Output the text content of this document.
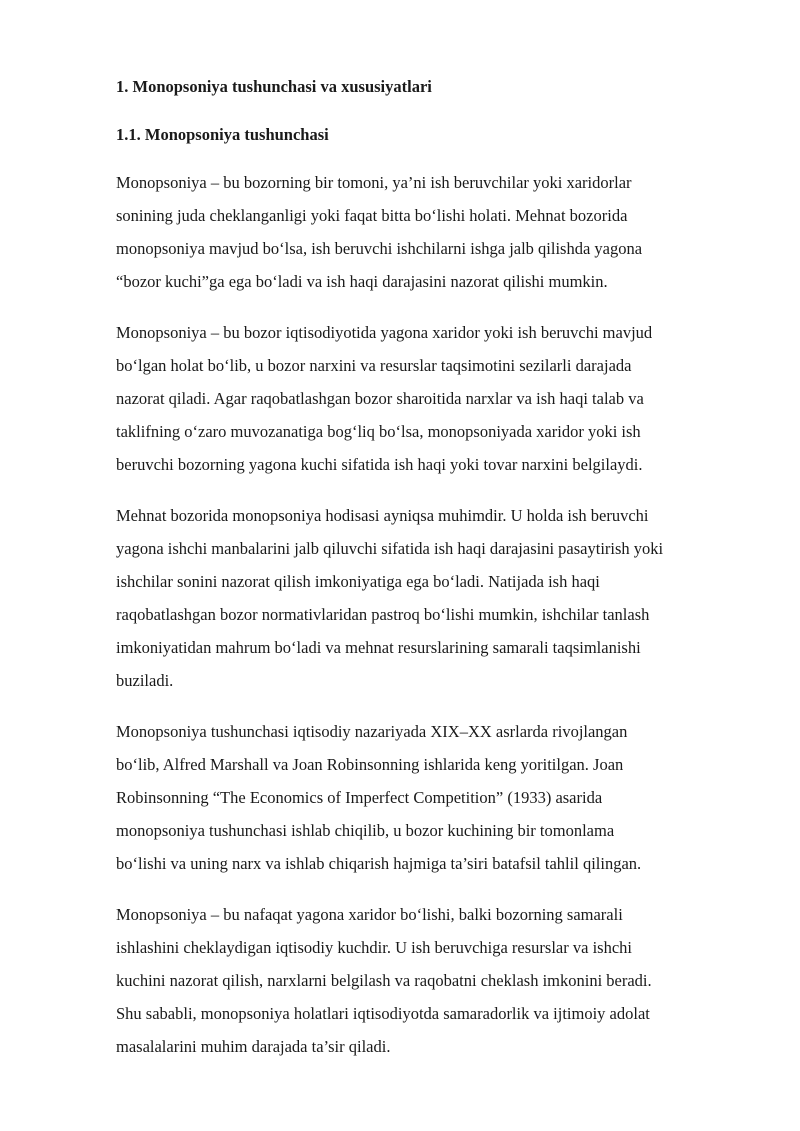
1. Monopsoniya tushunchasi va xususiyatlari
1.1. Monopsoniya tushunchasi

Monopsoniya – bu bozorning bir tomoni, ya’ni ish beruvchilar yoki xaridorlar
sonining juda cheklanganligi yoki faqat bitta bo‘lishi holati. Mehnat bozorida
monopsoniya mavjud bo‘lsa, ish beruvchi ishchilarni ishga jalb qilishda yagona
“bozor kuchi”ga ega bo‘ladi va ish haqi darajasini nazorat qilishi mumkin.

Monopsoniya – bu bozor iqtisodiyotida yagona xaridor yoki ish beruvchi mavjud
bo‘lgan holat bo‘lib, u bozor narxini va resurslar taqsimotini sezilarli darajada
nazorat qiladi. Agar raqobatlashgan bozor sharoitida narxlar va ish haqi talab va
taklifning o‘zaro muvozanatiga bog‘liq bo‘lsa, monopsoniyada xaridor yoki ish
beruvchi bozorning yagona kuchi sifatida ish haqi yoki tovar narxini belgilaydi.

Mehnat bozorida monopsoniya hodisasi ayniqsa muhimdir. U holda ish beruvchi
yagona ishchi manbalarini jalb qiluvchi sifatida ish haqi darajasini pasaytirish yoki
ishchilar sonini nazorat qilish imkoniyatiga ega bo‘ladi. Natijada ish haqi
raqobatlashgan bozor normativlaridan pastroq bo‘lishi mumkin, ishchilar tanlash
imkoniyatidan mahrum bo‘ladi va mehnat resurslarining samarali taqsimlanishi
buziladi.

Monopsoniya tushunchasi iqtisodiy nazariyada XIX–XX asrlarda rivojlangan
bo‘lib, Alfred Marshall va Joan Robinsonning ishlarida keng yoritilgan. Joan
Robinsonning “The Economics of Imperfect Competition” (1933) asarida
monopsoniya tushunchasi ishlab chiqilib, u bozor kuchining bir tomonlama
bo‘lishi va uning narx va ishlab chiqarish hajmiga ta’siri batafsil tahlil qilingan.

Monopsoniya – bu nafaqat yagona xaridor bo‘lishi, balki bozorning samarali
ishlashini cheklaydigan iqtisodiy kuchdir. U ish beruvchiga resurslar va ishchi
kuchini nazorat qilish, narxlarni belgilash va raqobatni cheklash imkonini beradi.
Shu sababli, monopsoniya holatlari iqtisodiyotda samaradorlik va ijtimoiy adolat
masalalarini muhim darajada ta’sir qiladi.
